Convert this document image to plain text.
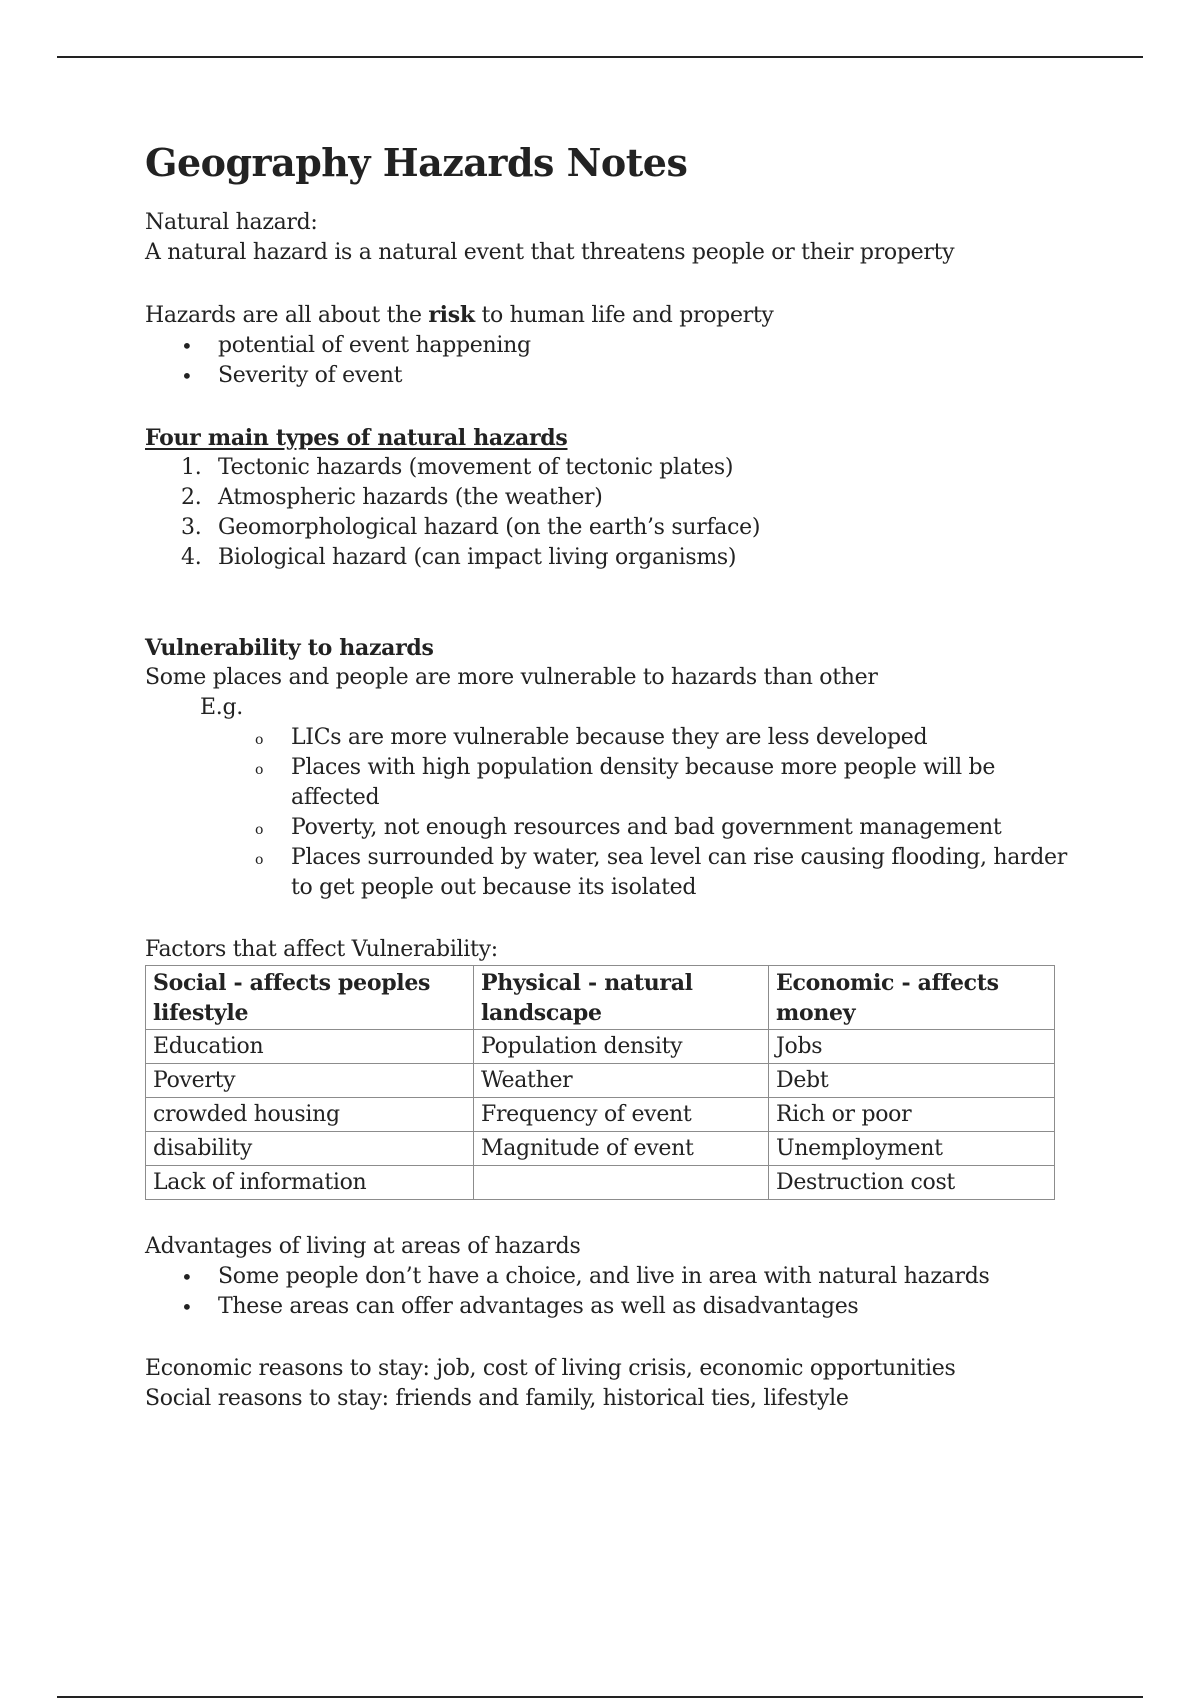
Geography Hazards Notes

Natural hazard:

A natural hazard is a natural event that threatens people or their property

Hazards are all about the risk to human life and property

• potential of event happening
• Severity of event

Four main types of natural hazards

1. Tectonic hazards (movement of tectonic plates)
2. Atmospheric hazards (the weather)
3. Geomorphological hazard (on the earth’s surface)
4. Biological hazard (can impact living organisms)

Vulnerability to hazards

Some places and people are more vulnerable to hazards than other

E.g.

o LICs are more vulnerable because they are less developed
o Places with high population density because more people will be affected
o Poverty, not enough resources and bad government management
o Places surrounded by water, sea level can rise causing flooding, harder to get people out because its isolated

Factors that affect Vulnerability:

Social - affects peoples lifestyle	Physical - natural landscape	Economic - affects money
Education	Population density	Jobs
Poverty	Weather	Debt
crowded housing	Frequency of event	Rich or poor
disability	Magnitude of event	Unemployment
Lack of information		Destruction cost

Advantages of living at areas of hazards

• Some people don’t have a choice, and live in area with natural hazards
• These areas can offer advantages as well as disadvantages

Economic reasons to stay: job, cost of living crisis, economic opportunities

Social reasons to stay: friends and family, historical ties, lifestyle
